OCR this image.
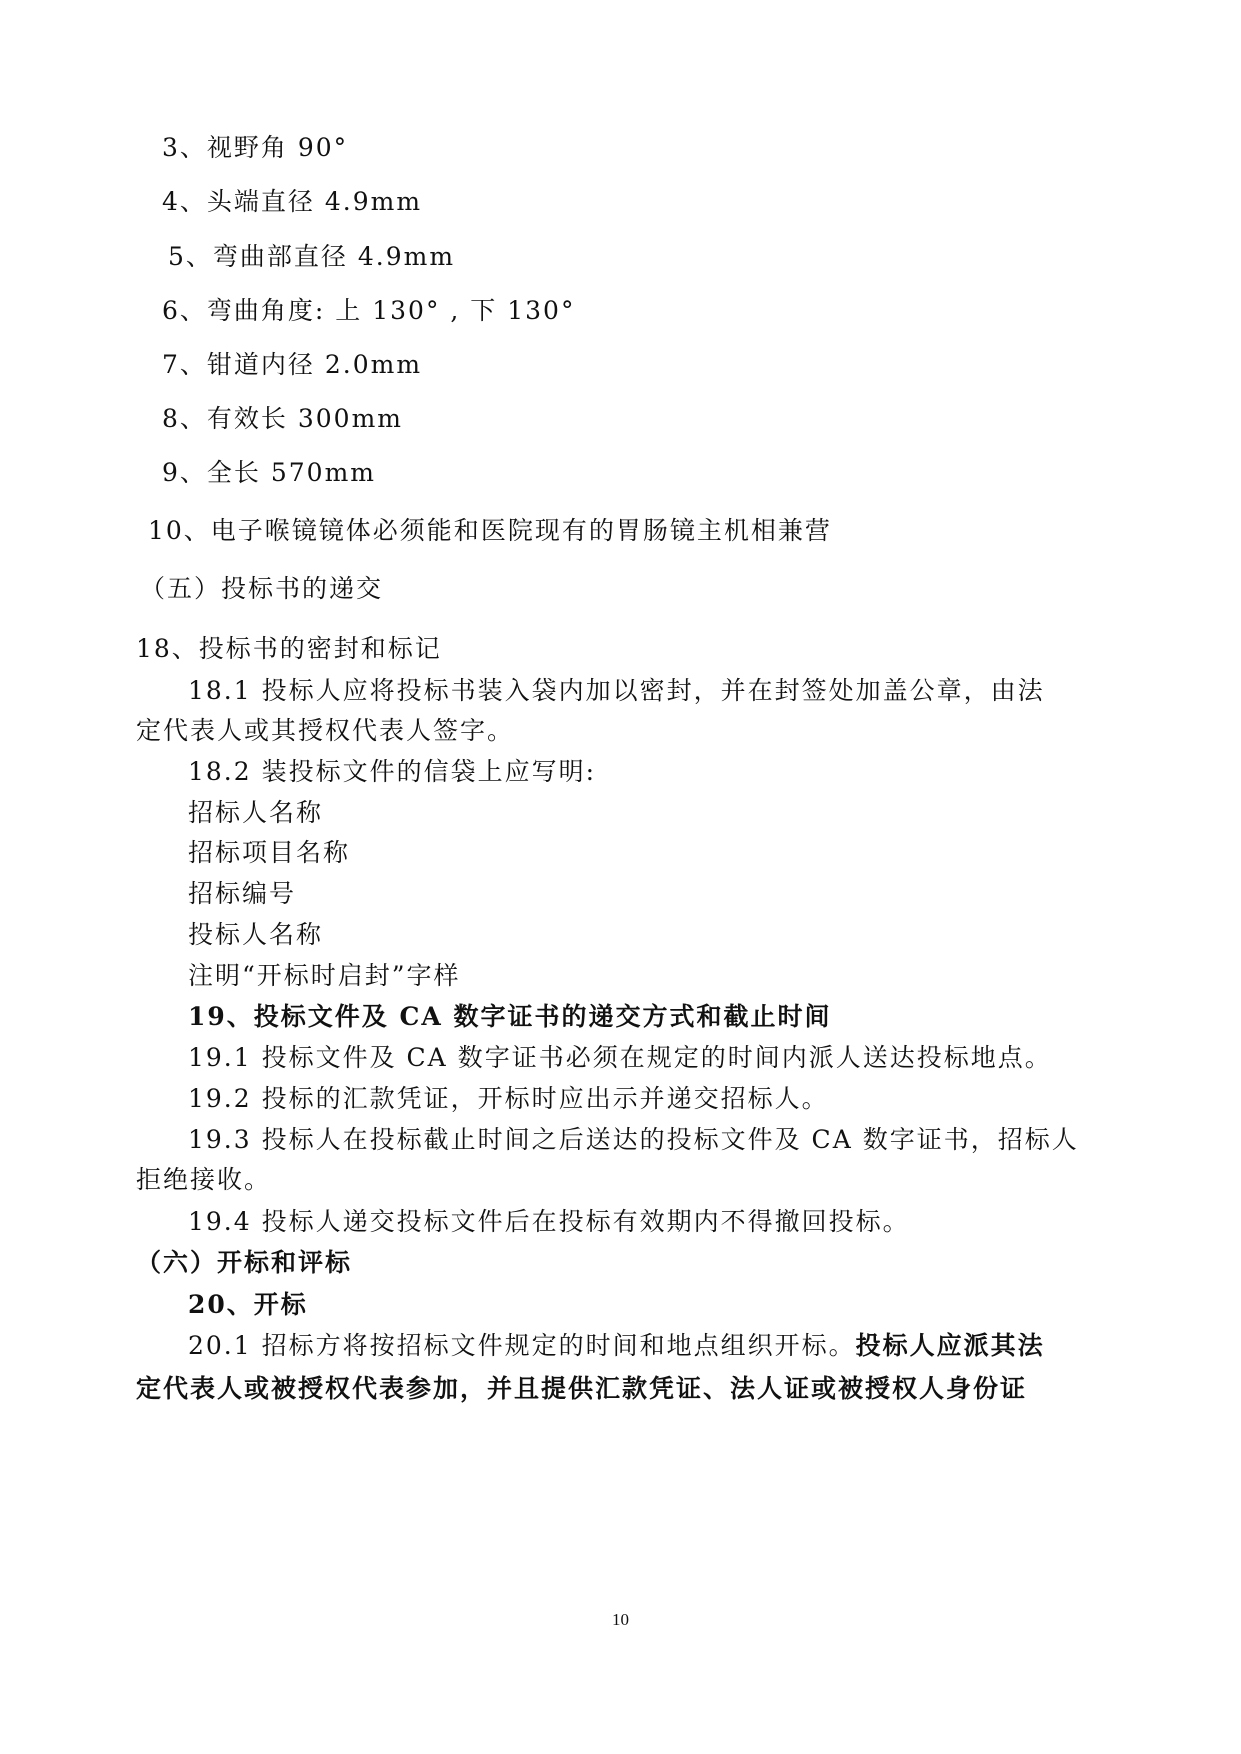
3、视野角 90°
4、头端直径 4.9mm
5、弯曲部直径 4.9mm
6、弯曲角度: 上 130° , 下 130°
7、钳道内径 2.0mm
8、有效长 300mm
9、全长 570mm
10、电子喉镜镜体必须能和医院现有的胃肠镜主机相兼营
（五）投标书的递交
18、投标书的密封和标记
18.1 投标人应将投标书装入袋内加以密封，并在封签处加盖公章，由法
定代表人或其授权代表人签字。
18.2 装投标文件的信袋上应写明:
招标人名称
招标项目名称
招标编号
投标人名称
注明“开标时启封”字样
19、投标文件及 CA 数字证书的递交方式和截止时间
19.1 投标文件及 CA 数字证书必须在规定的时间内派人送达投标地点。
19.2 投标的汇款凭证，开标时应出示并递交招标人。
19.3 投标人在投标截止时间之后送达的投标文件及 CA 数字证书，招标人
拒绝接收。
19.4 投标人递交投标文件后在投标有效期内不得撤回投标。
（六）开标和评标
20、开标
20.1 招标方将按招标文件规定的时间和地点组织开标。投标人应派其法
定代表人或被授权代表参加，并且提供汇款凭证、法人证或被授权人身份证
10
